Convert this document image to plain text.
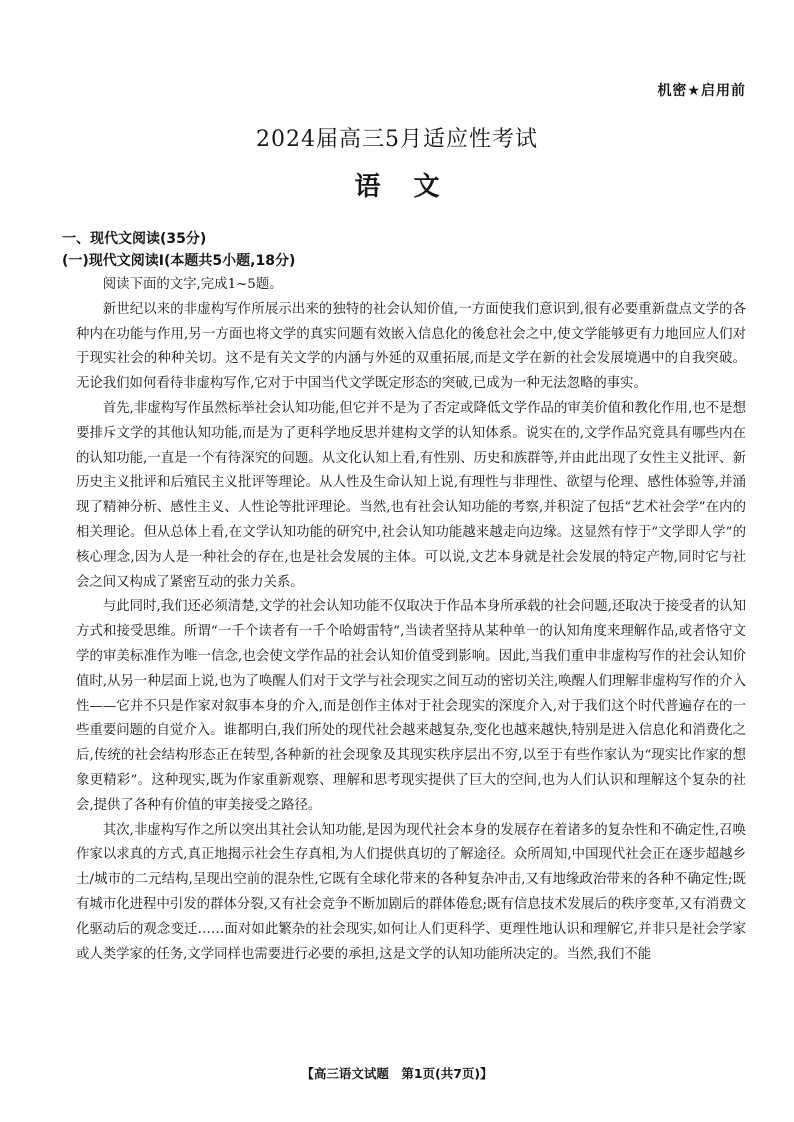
机密★启用前
2024届高三5月适应性考试
语 文
一、现代文阅读(35分)
(一)现代文阅读Ⅰ(本题共5小题,18分)

阅读下面的文字,完成1~5题。

新世纪以来的非虚构写作所展示出来的独特的社会认知价值,一方面使我们意识到,很有必要重新盘点文学的各种内在功能与作用,另一方面也将文学的真实问题有效嵌入信息化的後怠社会之中,使文学能够更有力地回应人们对于现实社会的种种关切。这不是有关文学的内涵与外延的双重拓展,而是文学在新的社会发展境遇中的自我突破。无论我们如何看待非虚构写作,它对于中国当代文学既定形态的突破,已成为一种无法忽略的事实。

首先,非虚构写作虽然标举社会认知功能,但它并不是为了否定或降低文学作品的审美价值和教化作用,也不是想要排斥文学的其他认知功能,而是为了更科学地反思并建构文学的认知体系。说实在的,文学作品究竟具有哪些内在的认知功能,一直是一个有待深究的问题。从文化认知上看,有性别、历史和族群等,并由此出现了女性主义批评、新历史主义批评和后殖民主义批评等理论。从人性及生命认知上说,有理性与非理性、欲望与伦理、感性体验等,并涌现了精神分析、感性主义、人性论等批评理论。当然,也有社会认知功能的考察,并积淀了包括“艺术社会学”在内的相关理论。但从总体上看,在文学认知功能的研究中,社会认知功能越来越走向边缘。这显然有悖于“文学即人学”的核心理念,因为人是一种社会的存在,也是社会发展的主体。可以说,文艺本身就是社会发展的特定产物,同时它与社会之间又构成了紧密互动的张力关系。

与此同时,我们还必须清楚,文学的社会认知功能不仅取决于作品本身所承载的社会问题,还取决于接受者的认知方式和接受思维。所谓“一千个读者有一千个哈姆雷特”,当读者坚持从某种单一的认知角度来理解作品,或者恪守文学的审美标准作为唯一信念,也会使文学作品的社会认知价值受到影响。因此,当我们重申非虚构写作的社会认知价值时,从另一种层面上说,也为了唤醒人们对于文学与社会现实之间互动的密切关注,唤醒人们理解非虚构写作的介入性——它并不只是作家对叙事本身的介入,而是创作主体对于社会现实的深度介入,对于我们这个时代普遍存在的一些重要问题的自觉介入。谁都明白,我们所处的现代社会越来越复杂,变化也越来越快,特别是进入信息化和消费化之后,传统的社会结构形态正在转型,各种新的社会现象及其现实秩序层出不穷,以至于有些作家认为“现实比作家的想象更精彩”。这种现实,既为作家重新观察、理解和思考现实提供了巨大的空间,也为人们认识和理解这个复杂的社会,提供了各种有价值的审美接受之路径。

其次,非虚构写作之所以突出其社会认知功能,是因为现代社会本身的发展存在着诸多的复杂性和不确定性,召唤作家以求真的方式,真正地揭示社会生存真相,为人们提供真切的了解途径。众所周知,中国现代社会正在逐步超越乡土/城市的二元结构,呈现出空前的混杂性,它既有全球化带来的各种复杂冲击,又有地缘政治带来的各种不确定性;既有城市化进程中引发的群体分裂,又有社会竞争不断加剧后的群体倦怠;既有信息技术发展后的秩序变革,又有消费文化驱动后的观念变迁……面对如此繁杂的社会现实,如何让人们更科学、更理性地认识和理解它,并非只是社会学家或人类学家的任务,文学同样也需要进行必要的承担,这是文学的认知功能所决定的。当然,我们不能

【高三语文试题　第1页(共7页)】
